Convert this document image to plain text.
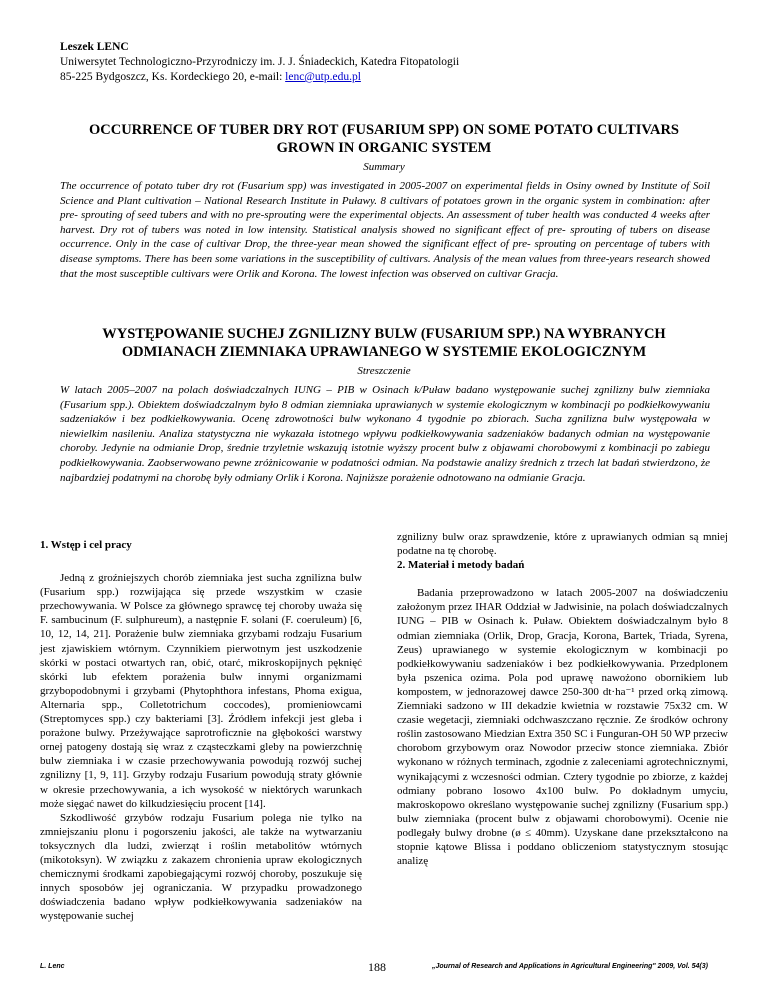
Leszek LENC
Uniwersytet Technologiczno-Przyrodniczy im. J. J. Śniadeckich, Katedra Fitopatologii
85-225 Bydgoszcz, Ks. Kordeckiego 20, e-mail: lenc@utp.edu.pl
OCCURRENCE OF TUBER DRY ROT (FUSARIUM SPP) ON SOME POTATO CULTIVARS
GROWN IN ORGANIC SYSTEM
Summary

The occurrence of potato tuber dry rot (Fusarium spp) was investigated in 2005-2007 on experimental fields in Osiny owned by Institute of Soil Science and Plant cultivation – National Research Institute in Puławy. 8 cultivars of potatoes grown in the organic system in combination: after pre- sprouting of seed tubers and with no pre-sprouting were the experimental objects. An assessment of tuber health was conducted 4 weeks after harvest. Dry rot of tubers was noted in low intensity. Statistical analysis showed no significant effect of pre- sprouting of tubers on disease occurrence. Only in the case of cultivar Drop, the three-year mean showed the significant effect of pre- sprouting on percentage of tubers with disease symptoms. There has been some variations in the susceptibility of cultivars. Analysis of the mean values from three-years research showed that the most susceptible cultivars were Orlik and Korona. The lowest infection was observed on cultivar Gracja.

WYSTĘPOWANIE SUCHEJ ZGNILIZNY BULW (FUSARIUM SPP.) NA WYBRANYCH
ODMIANACH ZIEMNIAKA UPRAWIANEGO W SYSTEMIE EKOLOGICZNYM
Streszczenie

W latach 2005–2007 na polach doświadczalnych IUNG – PIB w Osinach k/Puław badano występowanie suchej zgnilizny bulw ziemniaka (Fusarium spp.). Obiektem doświadczalnym było 8 odmian ziemniaka uprawianych w systemie ekologicznym w kombinacji po podkiełkowywaniu sadzeniaków i bez podkiełkowywania. Ocenę zdrowotności bulw wykonano 4 tygodnie po zbiorach. Sucha zgnilizna bulw występowała w niewielkim nasileniu. Analiza statystyczna nie wykazała istotnego wpływu podkiełkowywania sadzeniaków badanych odmian na występowanie choroby. Jedynie na odmianie Drop, średnie trzyletnie wskazują istotnie wyższy procent bulw z objawami chorobowymi z kombinacji po zabiegu podkiełkowywania. Zaobserwowano pewne zróżnicowanie w podatności odmian. Na podstawie analizy średnich z trzech lat badań stwierdzono, że najbardziej podatnymi na chorobę były odmiany Orlik i Korona. Najniższe porażenie odnotowano na odmianie Gracja.

1. Wstęp i cel pracy

Jedną z groźniejszych chorób ziemniaka jest sucha zgnilizna bulw (Fusarium spp.) rozwijająca się przede wszystkim w czasie przechowywania. W Polsce za głównego sprawcę tej choroby uważa się F. sambucinum (F. sulphureum), a następnie F. solani (F. coeruleum) [6, 10, 12, 14, 21]. Porażenie bulw ziemniaka grzybami rodzaju Fusarium jest zjawiskiem wtórnym. Czynnikiem pierwotnym jest uszkodzenie skórki w postaci otwartych ran, obić, otarć, mikroskopijnych pęknięć skórki lub efektem porażenia bulw innymi organizmami grzybopodobnymi i grzybami (Phytophthora infestans, Phoma exigua, Alternaria spp., Colletotrichum coccodes), promieniowcami (Streptomyces spp.) czy bakteriami [3]. Źródłem infekcji jest gleba i porażone bulwy. Przeżywające saprotroficznie na głębokości warstwy ornej patogeny dostają się wraz z cząsteczkami gleby na powierzchnię bulw ziemniaka i w czasie przechowywania powodują rozwój suchej zgnilizny [1, 9, 11]. Grzyby rodzaju Fusarium powodują straty głównie w okresie przechowywania, a ich wysokość w niektórych warunkach może sięgać nawet do kilkudziesięciu procent [14].

Szkodliwość grzybów rodzaju Fusarium polega nie tylko na zmniejszaniu plonu i pogorszeniu jakości, ale także na wytwarzaniu toksycznych dla ludzi, zwierząt i roślin metabolitów wtórnych (mikotoksyn). W związku z zakazem chronienia upraw ekologicznych chemicznymi środkami zapobiegającymi rozwój choroby, poszukuje się innych sposobów jej ograniczania. W przypadku prowadzonego doświadczenia badano wpływ podkiełkowywania sadzeniaków na występowanie suchej

zgnilizny bulw oraz sprawdzenie, które z uprawianych odmian są mniej podatne na tę chorobę.

2. Materiał i metody badań

Badania przeprowadzono w latach 2005-2007 na doświadczeniu założonym przez IHAR Oddział w Jadwisinie, na polach doświadczalnych IUNG – PIB w Osinach k. Puław. Obiektem doświadczalnym było 8 odmian ziemniaka (Orlik, Drop, Gracja, Korona, Bartek, Triada, Syrena, Zeus) uprawianego w systemie ekologicznym w kombinacji po podkiełkowywaniu sadzeniaków i bez podkiełkowywania. Przedplonem była pszenica ozima. Pola pod uprawę nawożono obornikiem lub kompostem, w jednorazowej dawce 250-300 dt·ha⁻¹ przed orką zimową. Ziemniaki sadzono w III dekadzie kwietnia w rozstawie 75x32 cm. W czasie wegetacji, ziemniaki odchwaszczano ręcznie. Ze środków ochrony roślin zastosowano Miedzian Extra 350 SC i Funguran-OH 50 WP przeciw chorobom grzybowym oraz Nowodor przeciw stonce ziemniaka. Zbiór wykonano w różnych terminach, zgodnie z zaleceniami agrotechnicznymi, wynikającymi z wczesności odmian. Cztery tygodnie po zbiorze, z każdej odmiany pobrano losowo 4x100 bulw. Po dokładnym umyciu, makroskopowo określano występowanie suchej zgnilizny (Fusarium spp.) bulw ziemniaka (procent bulw z objawami chorobowymi). Ocenie nie podlegały bulwy drobne (ø ≤ 40mm). Uzyskane dane przekształcono na stopnie kątowe Blissa i poddano obliczeniom statystycznym stosując analizę

L. Lenc	188	„Journal of Research and Applications in Agricultural Engineering" 2009, Vol. 54(3)
